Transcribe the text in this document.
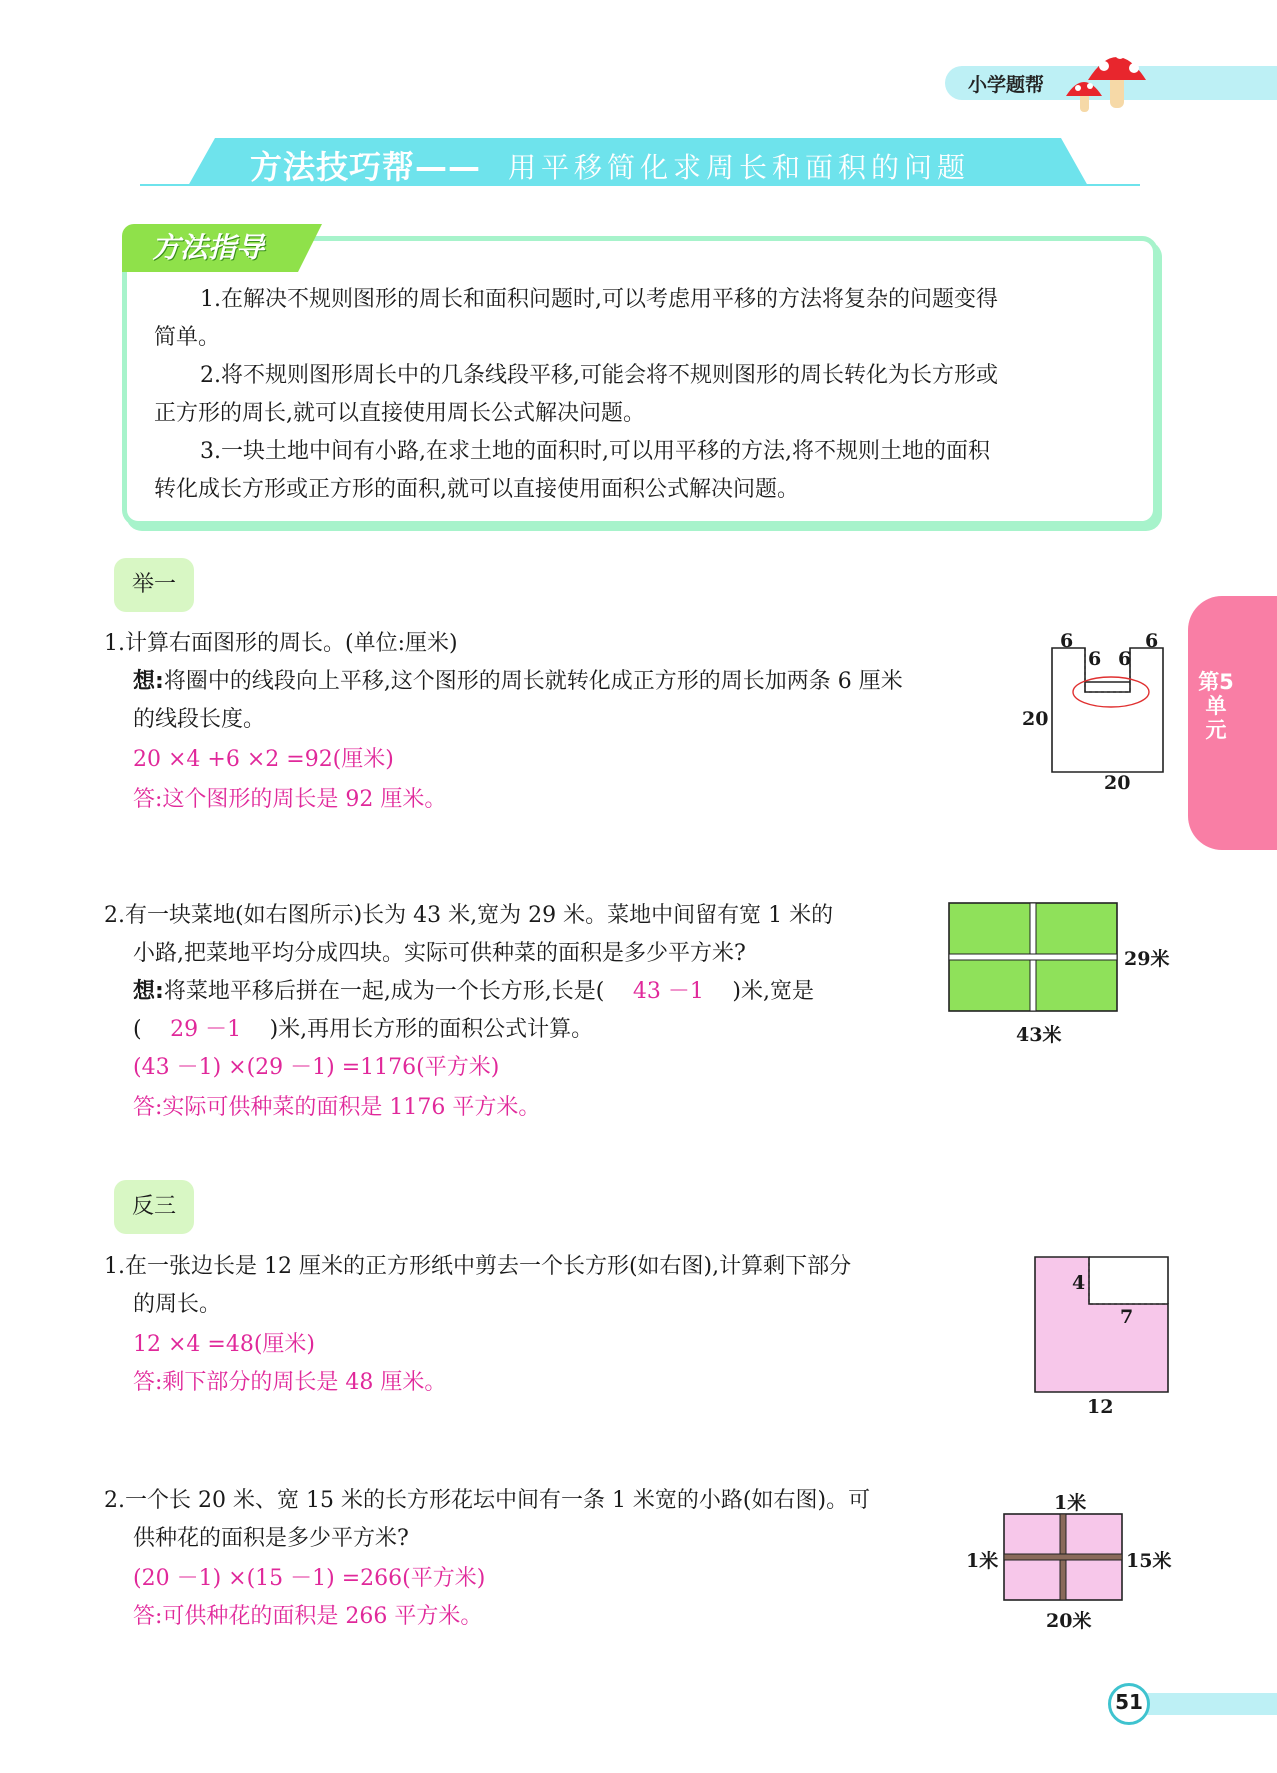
小学题帮
方法技巧帮—— 用平移简化求周长和面积的问题
方法指导
1.在解决不规则图形的周长和面积问题时,可以考虑用平移的方法将复杂的问题变得
简单。
2.将不规则图形周长中的几条线段平移,可能会将不规则图形的周长转化为长方形或
正方形的周长,就可以直接使用周长公式解决问题。
3.一块土地中间有小路,在求土地的面积时,可以用平移的方法,将不规则土地的面积
转化成长方形或正方形的面积,就可以直接使用面积公式解决问题。
举一
1.计算右面图形的周长。(单位:厘米)
想:将圈中的线段向上平移,这个图形的周长就转化成正方形的周长加两条 6 厘米
的线段长度。
20 ×4 +6 ×2 =92(厘米)
答:这个图形的周长是 92 厘米。
6	6
6 6
20
20
第5单元
2.有一块菜地(如右图所示)长为 43 米,宽为 29 米。菜地中间留有宽 1 米的
小路,把菜地平均分成四块。实际可供种菜的面积是多少平方米?
想:将菜地平移后拼在一起,成为一个长方形,长是( 43 －1 )米,宽是
( 29 －1 )米,再用长方形的面积公式计算。
(43 －1) ×(29 －1) =1176(平方米)
答:实际可供种菜的面积是 1176 平方米。
29米
43米
反三
1.在一张边长是 12 厘米的正方形纸中剪去一个长方形(如右图),计算剩下部分
的周长。
12 ×4 =48(厘米)
答:剩下部分的周长是 48 厘米。
4
7
12
2.一个长 20 米、宽 15 米的长方形花坛中间有一条 1 米宽的小路(如右图)。可
供种花的面积是多少平方米?
(20 －1) ×(15 －1) =266(平方米)
答:可供种花的面积是 266 平方米。
1米
1米	15米
20米
51
